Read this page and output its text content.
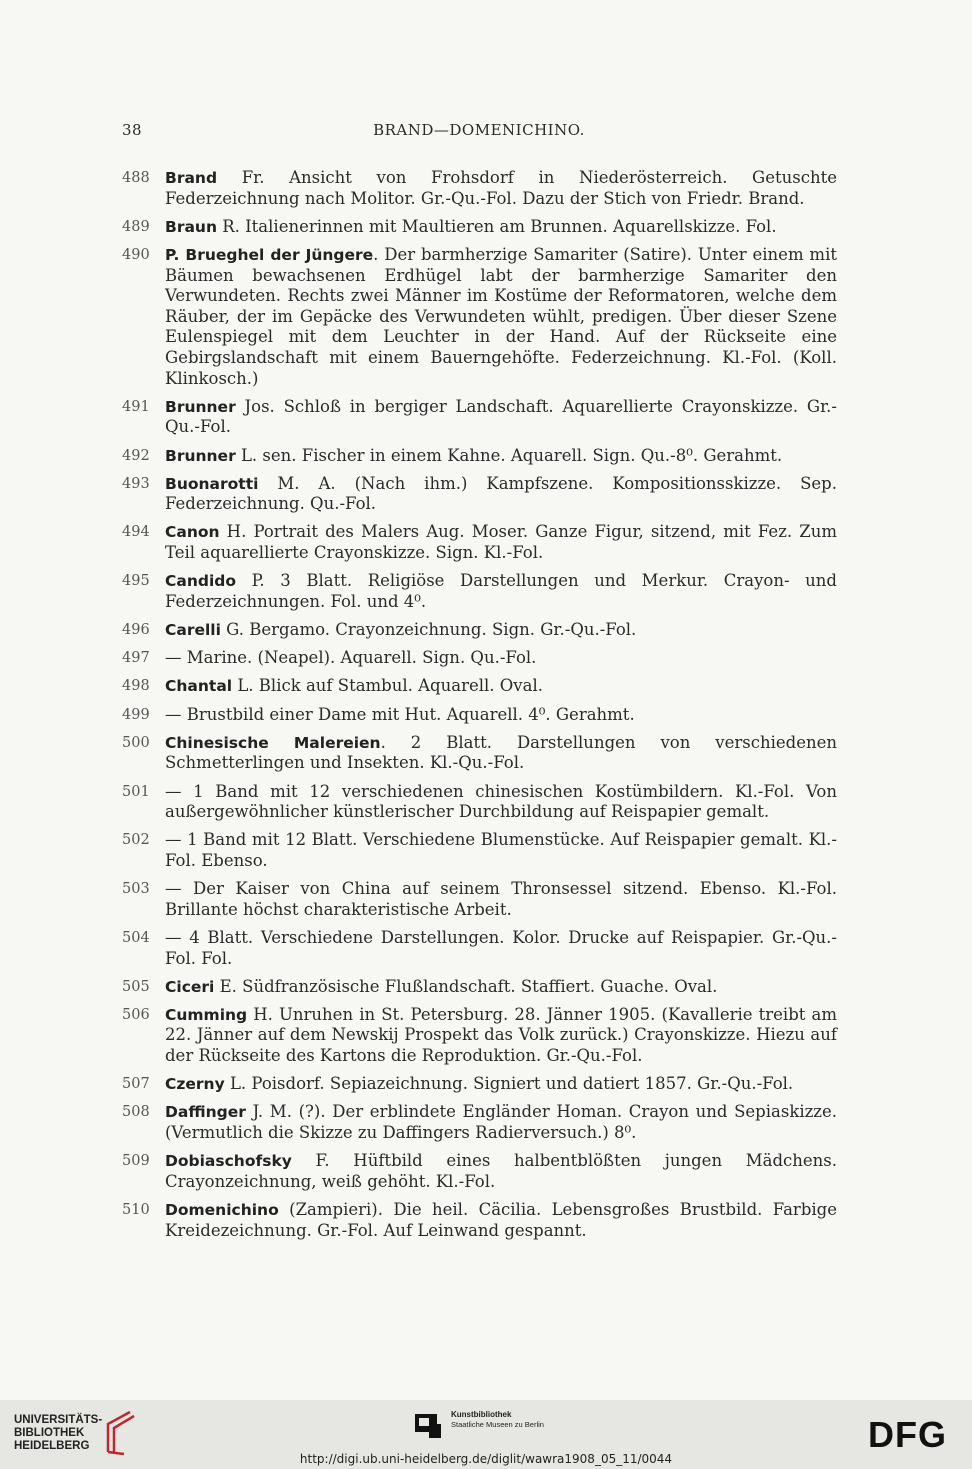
38	BRAND—DOMENICHINO.
488 Brand Fr. Ansicht von Frohsdorf in Niederösterreich. Getuschte Federzeichnung nach Molitor. Gr.-Qu.-Fol. Dazu der Stich von Friedr. Brand.
489 Braun R. Italienerinnen mit Maultieren am Brunnen. Aquarellskizze. Fol.
490 P. Brueghel der Jüngere. Der barmherzige Samariter (Satire). Unter einem mit Bäumen bewachsenen Erdhügel labt der barmherzige Samariter den Verwundeten. Rechts zwei Männer im Kostüme der Reformatoren, welche dem Räuber, der im Gepäcke des Verwundeten wühlt, predigen. Über dieser Szene Eulenspiegel mit dem Leuchter in der Hand. Auf der Rückseite eine Gebirgslandschaft mit einem Bauerngehöfte. Federzeichnung. Kl.-Fol. (Koll. Klinkosch.)
491 Brunner Jos. Schloß in bergiger Landschaft. Aquarellierte Crayonskizze. Gr.-Qu.-Fol.
492 Brunner L. sen. Fischer in einem Kahne. Aquarell. Sign. Qu.-8⁰. Gerahmt.
493 Buonarotti M. A. (Nach ihm.) Kampfszene. Kompositionsskizze. Sep. Federzeichnung. Qu.-Fol.
494 Canon H. Portrait des Malers Aug. Moser. Ganze Figur, sitzend, mit Fez. Zum Teil aquarellierte Crayonskizze. Sign. Kl.-Fol.
495 Candido P. 3 Blatt. Religiöse Darstellungen und Merkur. Crayon- und Federzeichnungen. Fol. und 4⁰.
496 Carelli G. Bergamo. Crayonzeichnung. Sign. Gr.-Qu.-Fol.
497 — Marine. (Neapel). Aquarell. Sign. Qu.-Fol.
498 Chantal L. Blick auf Stambul. Aquarell. Oval.
499 — Brustbild einer Dame mit Hut. Aquarell. 4⁰. Gerahmt.
500 Chinesische Malereien. 2 Blatt. Darstellungen von verschiedenen Schmetterlingen und Insekten. Kl.-Qu.-Fol.
501 — 1 Band mit 12 verschiedenen chinesischen Kostümbildern. Kl.-Fol. Von außergewöhnlicher künstlerischer Durchbildung auf Reispapier gemalt.
502 — 1 Band mit 12 Blatt. Verschiedene Blumenstücke. Auf Reispapier gemalt. Kl.-Fol. Ebenso.
503 — Der Kaiser von China auf seinem Thronsessel sitzend. Ebenso. Kl.-Fol. Brillante höchst charakteristische Arbeit.
504 — 4 Blatt. Verschiedene Darstellungen. Kolor. Drucke auf Reispapier. Gr.-Qu.-Fol. Fol.
505 Ciceri E. Südfranzösische Flußlandschaft. Staffiert. Guache. Oval.
506 Cumming H. Unruhen in St. Petersburg. 28. Jänner 1905. (Kavallerie treibt am 22. Jänner auf dem Newskij Prospekt das Volk zurück.) Crayonskizze. Hiezu auf der Rückseite des Kartons die Reproduktion. Gr.-Qu.-Fol.
507 Czerny L. Poisdorf. Sepiazeichnung. Signiert und datiert 1857. Gr.-Qu.-Fol.
508 Daffinger J. M. (?). Der erblindete Engländer Homan. Crayon und Sepiaskizze. (Vermutlich die Skizze zu Daffingers Radierversuch.) 8⁰.
509 Dobiaschofsky F. Hüftbild eines halbentblößten jungen Mädchens. Crayonzeichnung, weiß gehöht. Kl.-Fol.
510 Domenichino (Zampieri). Die heil. Cäcilia. Lebensgroßes Brustbild. Farbige Kreidezeichnung. Gr.-Fol. Auf Leinwand gespannt.
UNIVERSITÄTS-
BIBLIOTHEK
HEIDELBERG
Kunstbibliothek
Staatliche Museen zu Berlin	DFG
http://digi.ub.uni-heidelberg.de/diglit/wawra1908_05_11/0044
